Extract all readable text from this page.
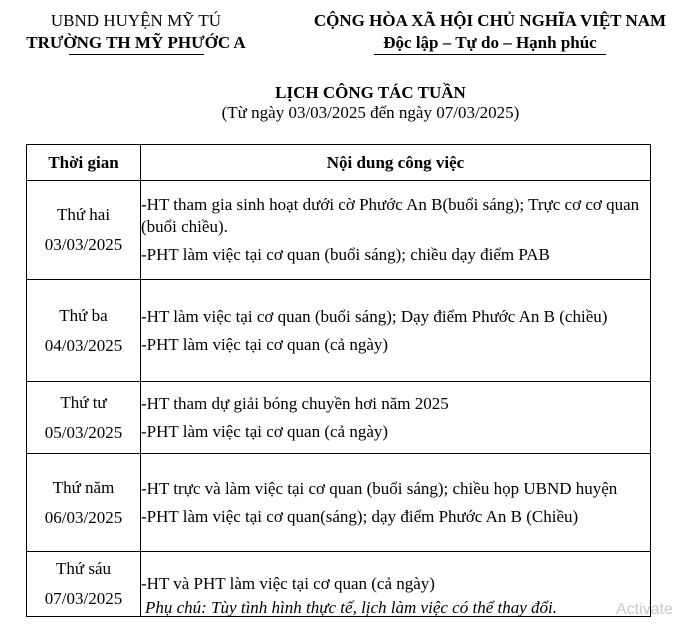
UBND HUYỆN MỸ TÚ
TRƯỜNG TH MỸ PHƯỚC A
CỘNG HÒA XÃ HỘI CHỦ NGHĨA VIỆT NAM
Độc lập – Tự do – Hạnh phúc
LỊCH CÔNG TÁC TUẦN
(Từ ngày 03/03/2025 đến ngày 07/03/2025)
Thời gian	Nội dung công việc

Thứ hai
03/03/2025	-HT tham gia sinh hoạt dưới cờ Phước An B(buổi sáng); Trực cơ cơ quan (buổi chiều).
-PHT làm việc tại cơ quan (buổi sáng); chiều dạy điểm PAB

Thứ ba
04/03/2025	-HT làm việc tại cơ quan (buổi sáng); Dạy điểm Phước An B (chiều)
-PHT làm việc tại cơ quan (cả ngày)

Thứ tư
05/03/2025	-HT tham dự giải bóng chuyền hơi năm 2025
-PHT làm việc tại cơ quan (cả ngày)

Thứ năm
06/03/2025	-HT trực và làm việc tại cơ quan (buổi sáng); chiều họp UBND huyện
-PHT làm việc tại cơ quan(sáng); dạy điểm Phước An B (Chiều)

Thứ sáu
07/03/2025	-HT và PHT làm việc tại cơ quan (cả ngày)
Phụ chú: Tùy tình hình thực tế, lịch làm việc có thể thay đổi.	Activate
